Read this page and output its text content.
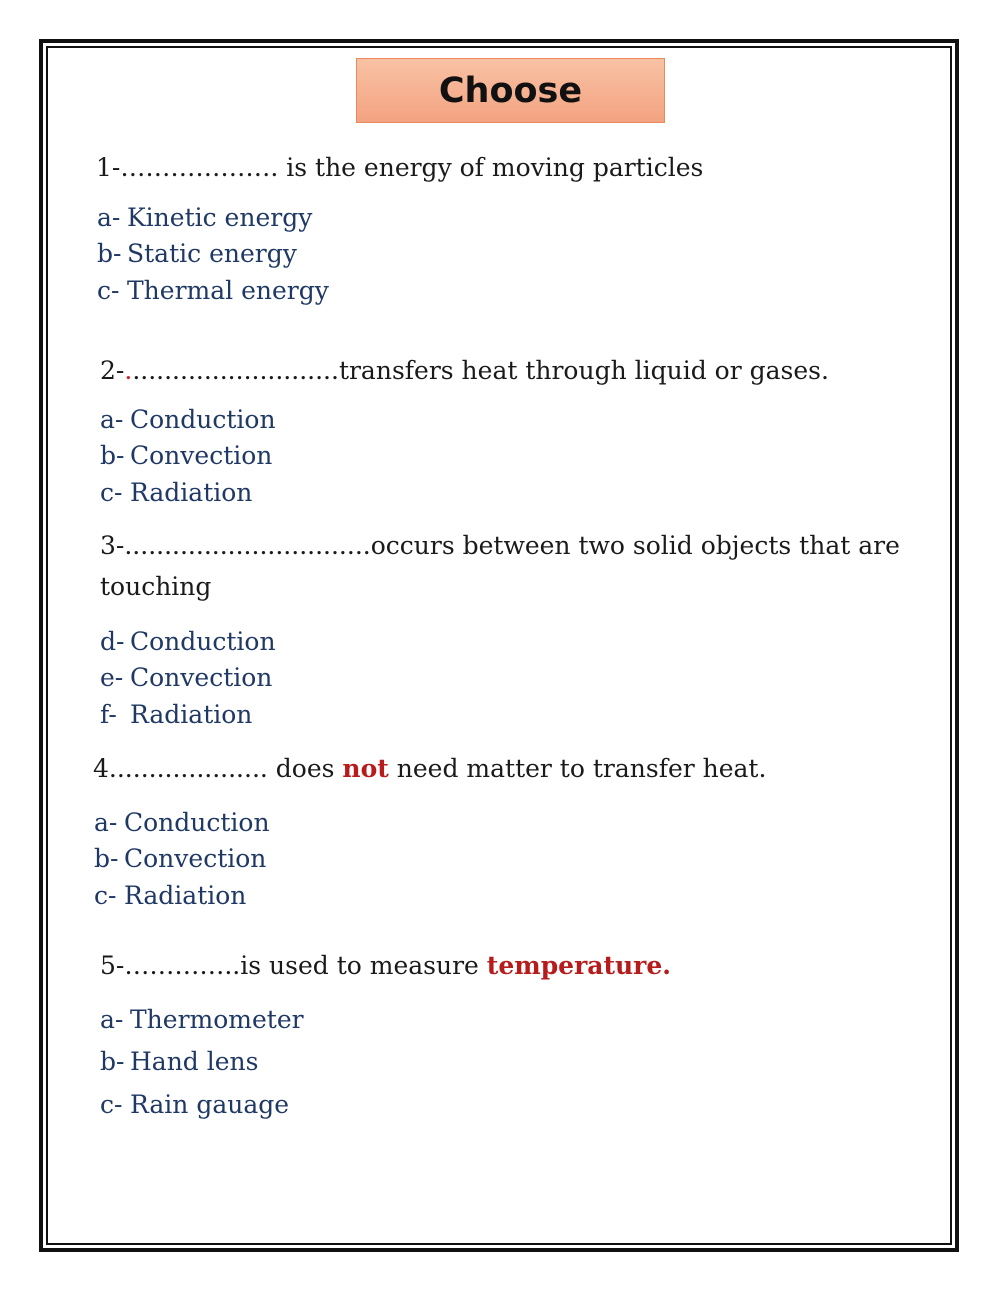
Choose
1-………………. is the energy of moving particles
a- Kinetic energy
b- Static energy
c- Thermal energy
2-...........................transfers heat through liquid or gases.
a- Conduction
b- Convection
c- Radiation
3-...............................occurs between two solid objects that are touching
d- Conduction
e- Convection
f- Radiation
4.................... does not need matter to transfer heat.
a- Conduction
b- Convection
c- Radiation
5-…………..is used to measure temperature.
a- Thermometer
b- Hand lens
c- Rain gauage
